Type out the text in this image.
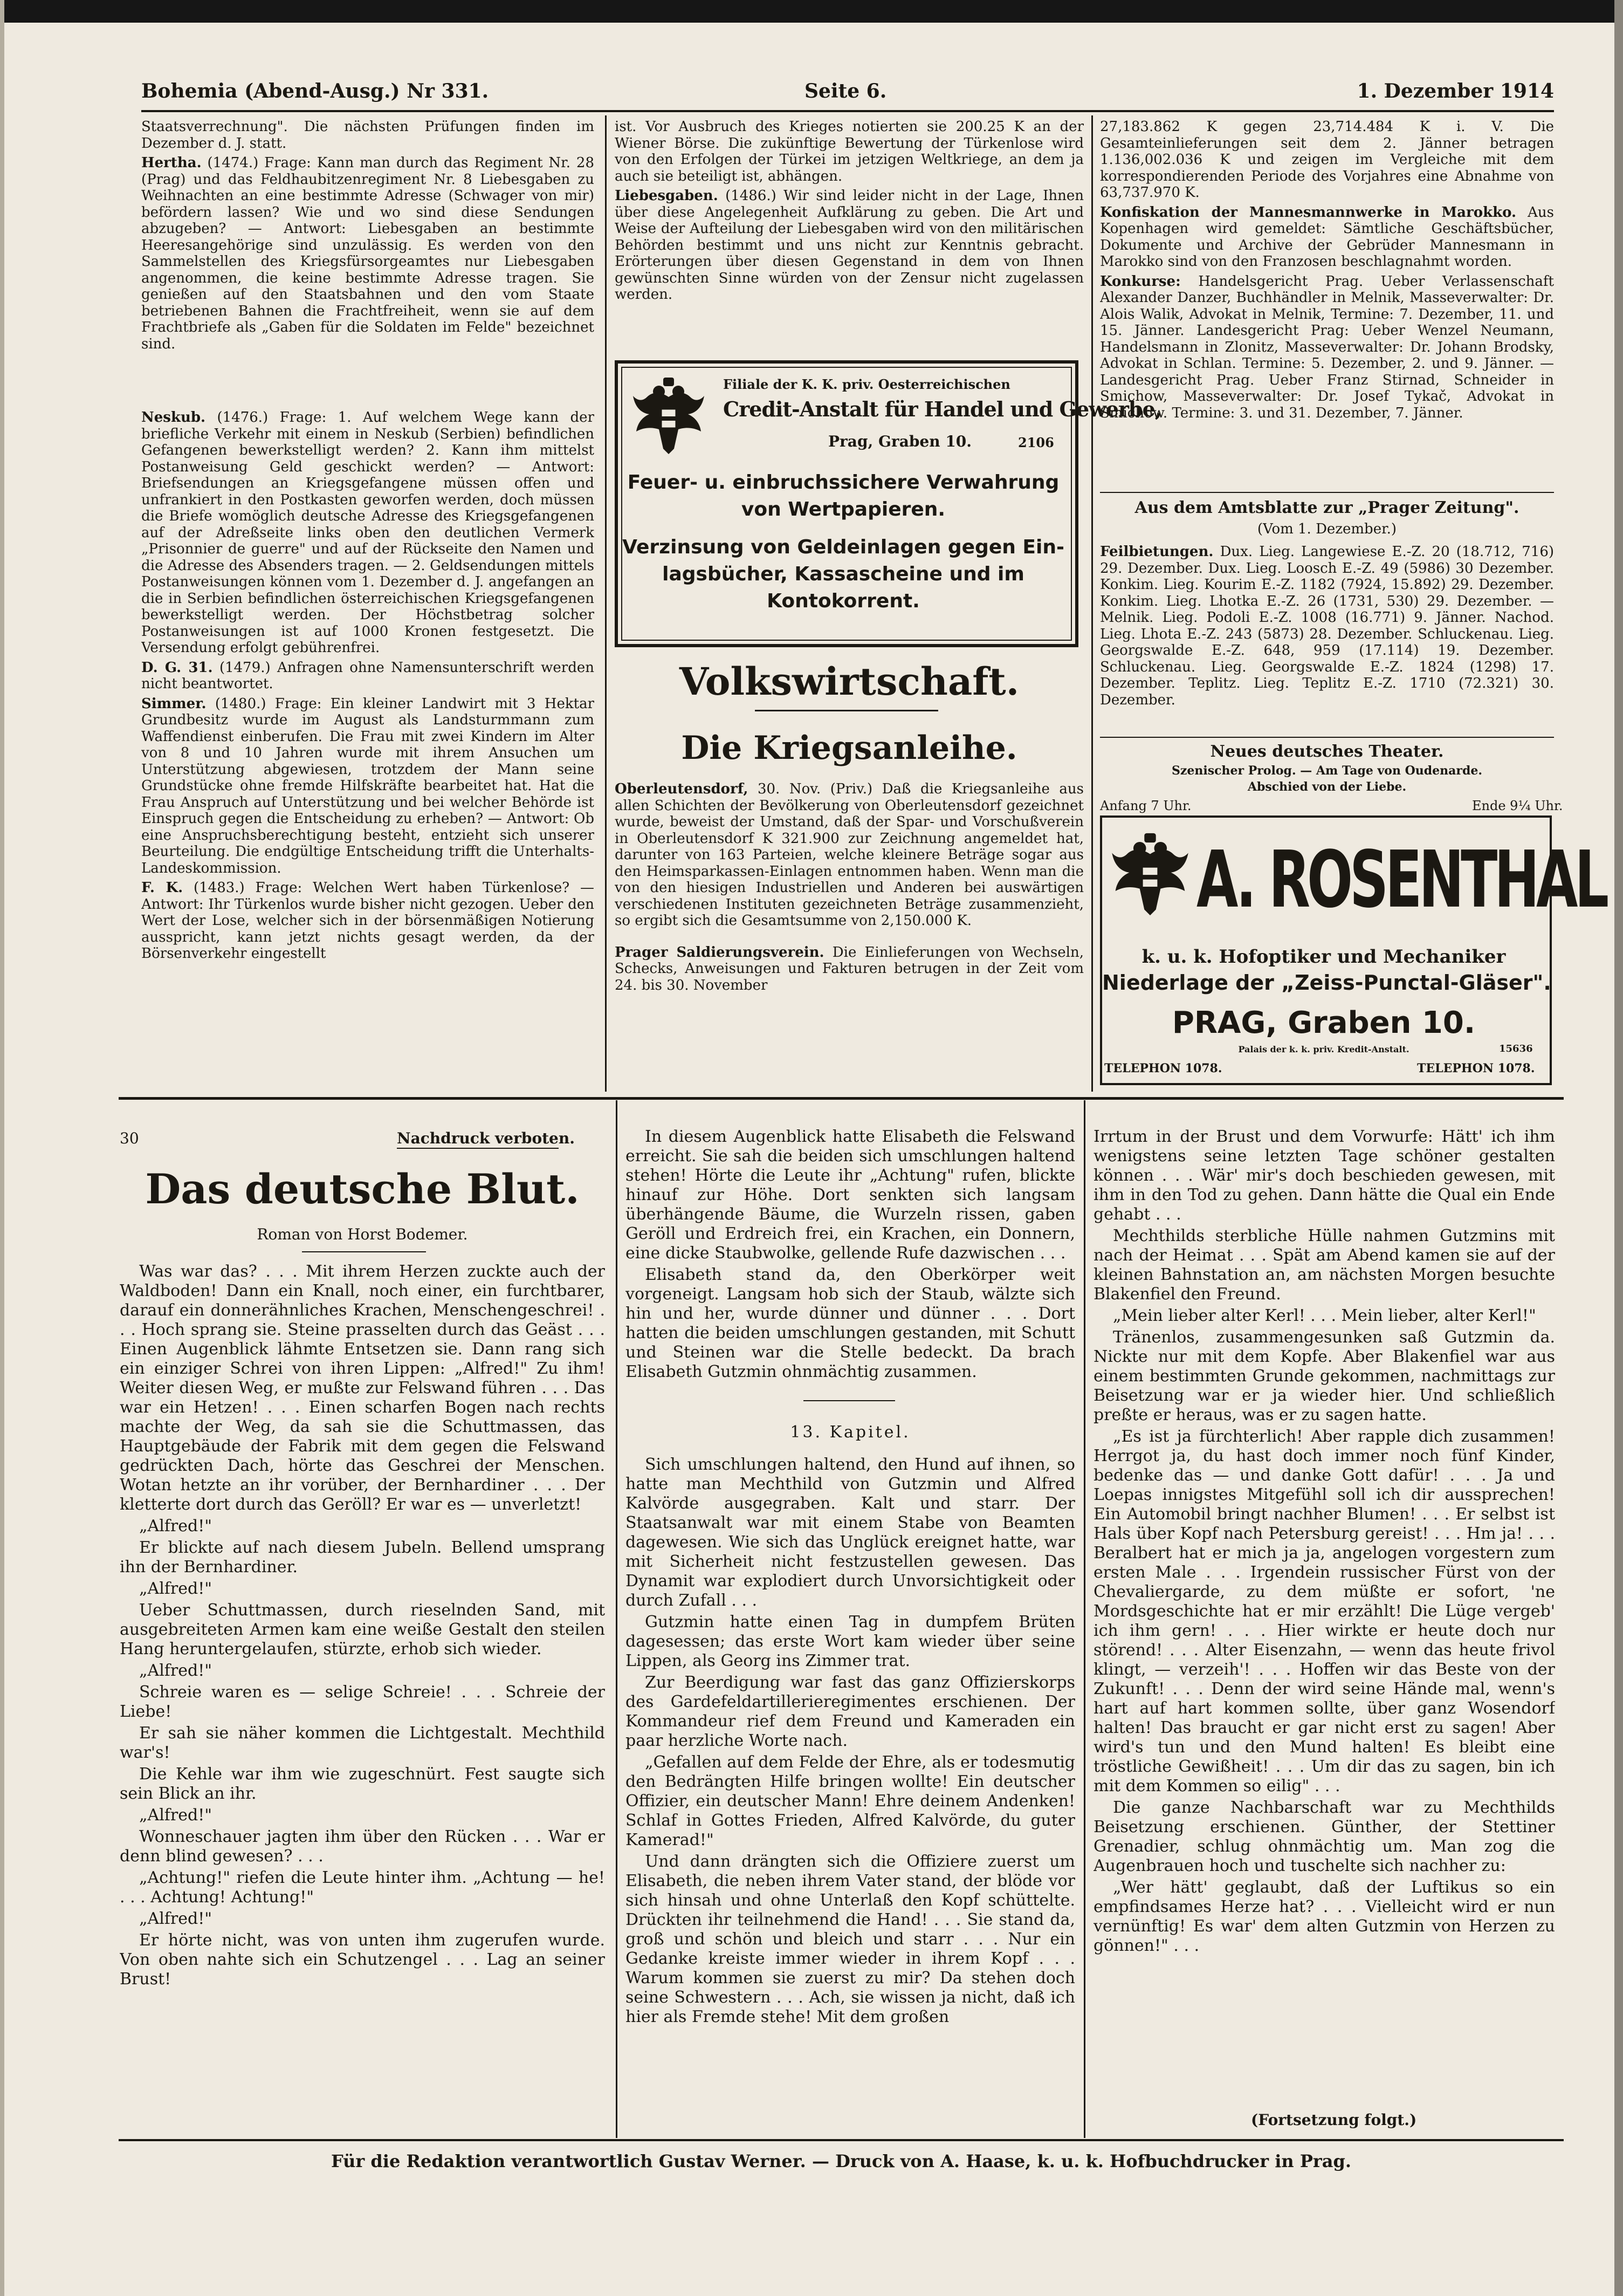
Bohemia (Abend-Ausg.) Nr 331.	Seite 6.	1. Dezember 1914

Staatsverrechnung". Die nächsten Prüfungen finden im Dezember d. J. statt.

Hertha. (1474.) Frage: Kann man durch das Regiment Nr. 28 (Prag) und das Feldhaubitzenregiment Nr. 8 Liebesgaben zu Weihnachten an eine bestimmte Adresse (Schwager von mir) befördern lassen? Wie und wo sind diese Sendungen abzugeben? — Antwort: Liebesgaben an bestimmte Heeresangehörige sind unzulässig. Es werden von den Sammelstellen des Kriegsfürsorgeamtes nur Liebesgaben angenommen, die keine bestimmte Adresse tragen. Sie genießen auf den Staatsbahnen und den vom Staate betriebenen Bahnen die Frachtfreiheit, wenn sie auf dem Frachtbriefe als „Gaben für die Soldaten im Felde" bezeichnet sind.

Neskub. (1476.) Frage: 1. Auf welchem Wege kann der briefliche Verkehr mit einem in Neskub (Serbien) befindlichen Gefangenen bewerkstelligt werden? 2. Kann ihm mittelst Postanweisung Geld geschickt werden? — Antwort: Briefsendungen an Kriegsgefangene müssen offen und unfrankiert in den Postkasten geworfen werden, doch müssen die Briefe womöglich deutsche Adresse des Kriegsgefangenen auf der Adreßseite links oben den deutlichen Vermerk „Prisonnier de guerre" und auf der Rückseite den Namen und die Adresse des Absenders tragen. — 2. Geldsendungen mittels Postanweisungen können vom 1. Dezember d. J. angefangen an die in Serbien befindlichen österreichischen Kriegsgefangenen bewerkstelligt werden. Der Höchstbetrag solcher Postanweisungen ist auf 1000 Kronen festgesetzt. Die Versendung erfolgt gebührenfrei.

D. G. 31. (1479.) Anfragen ohne Namensunterschrift werden nicht beantwortet.

Simmer. (1480.) Frage: Ein kleiner Landwirt mit 3 Hektar Grundbesitz wurde im August als Landsturmmann zum Waffendienst einberufen. Die Frau mit zwei Kindern im Alter von 8 und 10 Jahren wurde mit ihrem Ansuchen um Unterstützung abgewiesen, trotzdem der Mann seine Grundstücke ohne fremde Hilfskräfte bearbeitet hat. Hat die Frau Anspruch auf Unterstützung und bei welcher Behörde ist Einspruch gegen die Entscheidung zu erheben? — Antwort: Ob eine Anspruchsberechtigung besteht, entzieht sich unserer Beurteilung. Die endgültige Entscheidung trifft die Unterhalts-Landeskommission.

F. K. (1483.) Frage: Welchen Wert haben Türkenlose? — Antwort: Ihr Türkenlos wurde bisher nicht gezogen. Ueber den Wert der Lose, welcher sich in der börsenmäßigen Notierung ausspricht, kann jetzt nichts gesagt werden, da der Börsenverkehr eingestellt

ist. Vor Ausbruch des Krieges notierten sie 200.25 K an der Wiener Börse. Die zukünftige Bewertung der Türkenlose wird von den Erfolgen der Türkei im jetzigen Weltkriege, an dem ja auch sie beteiligt ist, abhängen.

Liebesgaben. (1486.) Wir sind leider nicht in der Lage, Ihnen über diese Angelegenheit Aufklärung zu geben. Die Art und Weise der Aufteilung der Liebesgaben wird von den militärischen Behörden bestimmt und uns nicht zur Kenntnis gebracht. Erörterungen über diesen Gegenstand in dem von Ihnen gewünschten Sinne würden von der Zensur nicht zugelassen werden.

Filiale der K. K. priv. Oesterreichischen
Credit-Anstalt für Handel und Gewerbe,
Prag, Graben 10.	2106
Feuer- u. einbruchssichere Verwahrung
von Wertpapieren.
Verzinsung von Geldeinlagen gegen Ein-
lagsbücher, Kassascheine und im
Kontokorrent.
Volkswirtschaft.
Die Kriegsanleihe.

Oberleutensdorf, 30. Nov. (Priv.) Daß die Kriegsanleihe aus allen Schichten der Bevölkerung von Oberleutensdorf gezeichnet wurde, beweist der Umstand, daß der Spar- und Vorschußverein in Oberleutensdorf K 321.900 zur Zeichnung angemeldet hat, darunter von 163 Parteien, welche kleinere Beträge sogar aus den Heimsparkassen-Einlagen entnommen haben. Wenn man die von den hiesigen Industriellen und Anderen bei auswärtigen verschiedenen Instituten gezeichneten Beträge zusammenzieht, so ergibt sich die Gesamtsumme von 2,150.000 K.

Prager Saldierungsverein. Die Einlieferungen von Wechseln, Schecks, Anweisungen und Fakturen betrugen in der Zeit vom 24. bis 30. November

27,183.862 K gegen 23,714.484 K i. V. Die Gesamteinlieferungen seit dem 2. Jänner betragen 1.136,002.036 K und zeigen im Vergleiche mit dem korrespondierenden Periode des Vorjahres eine Abnahme von 63,737.970 K.

Konfiskation der Mannesmannwerke in Marokko. Aus Kopenhagen wird gemeldet: Sämtliche Geschäftsbücher, Dokumente und Archive der Gebrüder Mannesmann in Marokko sind von den Franzosen beschlagnahmt worden.

Konkurse: Handelsgericht Prag. Ueber Verlassenschaft Alexander Danzer, Buchhändler in Melnik, Masseverwalter: Dr. Alois Walik, Advokat in Melnik, Termine: 7. Dezember, 11. und 15. Jänner. Landesgericht Prag: Ueber Wenzel Neumann, Handelsmann in Zlonitz, Masseverwalter: Dr. Johann Brodsky, Advokat in Schlan. Termine: 5. Dezember, 2. und 9. Jänner. — Landesgericht Prag. Ueber Franz Stirnad, Schneider in Smichow, Masseverwalter: Dr. Josef Tykač, Advokat in Smichow. Termine: 3. und 31. Dezember, 7. Jänner.

Aus dem Amtsblatte zur „Prager Zeitung".
(Vom 1. Dezember.)

Feilbietungen. Dux. Lieg. Langewiese E.-Z. 20 (18.712, 716) 29. Dezember. Dux. Lieg. Loosch E.-Z. 49 (5986) 30 Dezember. Konkim. Lieg. Kourim E.-Z. 1182 (7924, 15.892) 29. Dezember. Konkim. Lieg. Lhotka E.-Z. 26 (1731, 530) 29. Dezember. — Melnik. Lieg. Podoli E.-Z. 1008 (16.771) 9. Jänner. Nachod. Lieg. Lhota E.-Z. 243 (5873) 28. Dezember. Schluckenau. Lieg. Georgswalde E.-Z. 648, 959 (17.114) 19. Dezember. Schluckenau. Lieg. Georgswalde E.-Z. 1824 (1298) 17. Dezember. Teplitz. Lieg. Teplitz E.-Z. 1710 (72.321) 30. Dezember.

Neues deutsches Theater.
Szenischer Prolog. — Am Tage von Oudenarde.
Abschied von der Liebe.
Anfang 7 Uhr.	Ende 9¼ Uhr.
A. ROSENTHAL
k. u. k. Hofoptiker und Mechaniker
Niederlage der „Zeiss-Punctal-Gläser".
PRAG, Graben 10.
Palais der k. k. priv. Kredit-Anstalt.	15636
TELEPHON 1078.	TELEPHON 1078.
30	Nachdruck verboten.
Das deutsche Blut.
Roman von Horst Bodemer.

Was war das? . . . Mit ihrem Herzen zuckte auch der Waldboden! Dann ein Knall, noch einer, ein furchtbarer, darauf ein donnerähnliches Krachen, Menschengeschrei! . . . Hoch sprang sie. Steine prasselten durch das Geäst . . . Einen Augenblick lähmte Entsetzen sie. Dann rang sich ein einziger Schrei von ihren Lippen: „Alfred!" Zu ihm! Weiter diesen Weg, er mußte zur Felswand führen . . . Das war ein Hetzen! . . . Einen scharfen Bogen nach rechts machte der Weg, da sah sie die Schuttmassen, das Hauptgebäude der Fabrik mit dem gegen die Felswand gedrückten Dach, hörte das Geschrei der Menschen. Wotan hetzte an ihr vorüber, der Bernhardiner . . . Der kletterte dort durch das Geröll? Er war es — unverletzt!

„Alfred!"

Er blickte auf nach diesem Jubeln. Bellend umsprang ihn der Bernhardiner.

„Alfred!"

Ueber Schuttmassen, durch rieselnden Sand, mit ausgebreiteten Armen kam eine weiße Gestalt den steilen Hang heruntergelaufen, stürzte, erhob sich wieder.

„Alfred!"

Schreie waren es — selige Schreie! . . . Schreie der Liebe!

Er sah sie näher kommen die Lichtgestalt. Mechthild war's!

Die Kehle war ihm wie zugeschnürt. Fest saugte sich sein Blick an ihr.

„Alfred!"

Wonneschauer jagten ihm über den Rücken . . . War er denn blind gewesen? . . .

„Achtung!" riefen die Leute hinter ihm. „Achtung — he! . . . Achtung! Achtung!"

„Alfred!"

Er hörte nicht, was von unten ihm zugerufen wurde. Von oben nahte sich ein Schutzengel . . . Lag an seiner Brust!

In diesem Augenblick hatte Elisabeth die Felswand erreicht. Sie sah die beiden sich umschlungen haltend stehen! Hörte die Leute ihr „Achtung" rufen, blickte hinauf zur Höhe. Dort senkten sich langsam überhängende Bäume, die Wurzeln rissen, gaben Geröll und Erdreich frei, ein Krachen, ein Donnern, eine dicke Staubwolke, gellende Rufe dazwischen . . .

Elisabeth stand da, den Oberkörper weit vorgeneigt. Langsam hob sich der Staub, wälzte sich hin und her, wurde dünner und dünner . . . Dort hatten die beiden umschlungen gestanden, mit Schutt und Steinen war die Stelle bedeckt. Da brach Elisabeth Gutzmin ohnmächtig zusammen.

13. Kapitel.

Sich umschlungen haltend, den Hund auf ihnen, so hatte man Mechthild von Gutzmin und Alfred Kalvörde ausgegraben. Kalt und starr. Der Staatsanwalt war mit einem Stabe von Beamten dagewesen. Wie sich das Unglück ereignet hatte, war mit Sicherheit nicht festzustellen gewesen. Das Dynamit war explodiert durch Unvorsichtigkeit oder durch Zufall . . .

Gutzmin hatte einen Tag in dumpfem Brüten dagesessen; das erste Wort kam wieder über seine Lippen, als Georg ins Zimmer trat.

Zur Beerdigung war fast das ganz Offizierskorps des Gardefeldartillerieregimentes erschienen. Der Kommandeur rief dem Freund und Kameraden ein paar herzliche Worte nach.

„Gefallen auf dem Felde der Ehre, als er todesmutig den Bedrängten Hilfe bringen wollte! Ein deutscher Offizier, ein deutscher Mann! Ehre deinem Andenken! Schlaf in Gottes Frieden, Alfred Kalvörde, du guter Kamerad!"

Und dann drängten sich die Offiziere zuerst um Elisabeth, die neben ihrem Vater stand, der blöde vor sich hinsah und ohne Unterlaß den Kopf schüttelte. Drückten ihr teilnehmend die Hand! . . . Sie stand da, groß und schön und bleich und starr . . . Nur ein Gedanke kreiste immer wieder in ihrem Kopf . . . Warum kommen sie zuerst zu mir? Da stehen doch seine Schwestern . . . Ach, sie wissen ja nicht, daß ich hier als Fremde stehe! Mit dem großen

Irrtum in der Brust und dem Vorwurfe: Hätt' ich ihm wenigstens seine letzten Tage schöner gestalten können . . . Wär' mir's doch beschieden gewesen, mit ihm in den Tod zu gehen. Dann hätte die Qual ein Ende gehabt . . .

Mechthilds sterbliche Hülle nahmen Gutzmins mit nach der Heimat . . . Spät am Abend kamen sie auf der kleinen Bahnstation an, am nächsten Morgen besuchte Blakenfiel den Freund.

„Mein lieber alter Kerl! . . . Mein lieber, alter Kerl!"

Tränenlos, zusammengesunken saß Gutzmin da. Nickte nur mit dem Kopfe. Aber Blakenfiel war aus einem bestimmten Grunde gekommen, nachmittags zur Beisetzung war er ja wieder hier. Und schließlich preßte er heraus, was er zu sagen hatte.

„Es ist ja fürchterlich! Aber rapple dich zusammen! Herrgot ja, du hast doch immer noch fünf Kinder, bedenke das — und danke Gott dafür! . . . Ja und Loepas innigstes Mitgefühl soll ich dir aussprechen! Ein Automobil bringt nachher Blumen! . . . Er selbst ist Hals über Kopf nach Petersburg gereist! . . . Hm ja! . . . Beralbert hat er mich ja ja, angelogen vorgestern zum ersten Male . . . Irgendein russischer Fürst von der Chevaliergarde, zu dem müßte er sofort, 'ne Mordsgeschichte hat er mir erzählt! Die Lüge vergeb' ich ihm gern! . . . Hier wirkte er heute doch nur störend! . . . Alter Eisenzahn, — wenn das heute frivol klingt, — verzeih'! . . . Hoffen wir das Beste von der Zukunft! . . . Denn der wird seine Hände mal, wenn's hart auf hart kommen sollte, über ganz Wosendorf halten! Das braucht er gar nicht erst zu sagen! Aber wird's tun und den Mund halten! Es bleibt eine tröstliche Gewißheit! . . . Um dir das zu sagen, bin ich mit dem Kommen so eilig" . . .

Die ganze Nachbarschaft war zu Mechthilds Beisetzung erschienen. Günther, der Stettiner Grenadier, schlug ohnmächtig um. Man zog die Augenbrauen hoch und tuschelte sich nachher zu:

„Wer hätt' geglaubt, daß der Luftikus so ein empfindsames Herze hat? . . . Vielleicht wird er nun vernünftig! Es war' dem alten Gutzmin von Herzen zu gönnen!" . . .

(Fortsetzung folgt.)
Für die Redaktion verantwortlich Gustav Werner. — Druck von A. Haase, k. u. k. Hofbuchdrucker in Prag.
